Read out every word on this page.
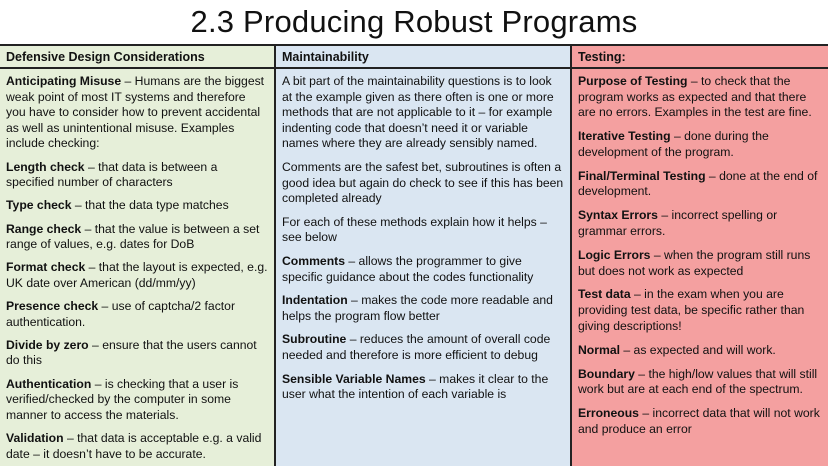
2.3 Producing Robust Programs
Defensive Design Considerations

Anticipating Misuse – Humans are the biggest weak point of most IT systems and therefore you have to consider how to prevent accidental as well as unintentional misuse. Examples include checking:

Length check – that data is between a specified number of characters

Type check – that the data type matches

Range check – that the value is between a set range of values, e.g. dates for DoB

Format check – that the layout is expected, e.g. UK date over American (dd/mm/yy)

Presence check – use of captcha/2 factor authentication.

Divide by zero – ensure that the users cannot do this

Authentication – is checking that a user is verified/checked by the computer in some manner to access the materials.

Validation – that data is acceptable e.g. a valid date – it doesn’t have to be accurate.

Maintainability

A bit part of the maintainability questions is to look at the example given as there often is one or more methods that are not applicable to it – for example indenting code that doesn’t need it or variable names where they are already sensibly named.

Comments are the safest bet, subroutines is often a good idea but again do check to see if this has been completed already

For each of these methods explain how it helps – see below

Comments – allows the programmer to give specific guidance about the codes functionality

Indentation – makes the code more readable and helps the program flow better

Subroutine – reduces the amount of overall code needed and therefore is more efficient to debug

Sensible Variable Names – makes it clear to the user what the intention of each variable is

Testing:

Purpose of Testing – to check that the program works as expected and that there are no errors. Examples in the test are fine.

Iterative Testing – done during the development of the program.

Final/Terminal Testing – done at the end of development.

Syntax Errors – incorrect spelling or grammar errors.

Logic Errors – when the program still runs but does not work as expected

Test data – in the exam when you are providing test data, be specific rather than giving descriptions!

Normal – as expected and will work.

Boundary – the high/low values that will still work but are at each end of the spectrum.

Erroneous – incorrect data that will not work and produce an error
